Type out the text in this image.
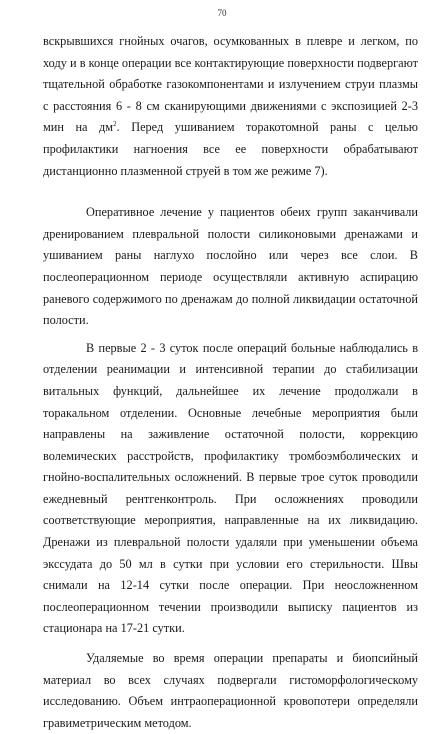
70

вскрывшихся гнойных очагов, осумкованных в плевре и легком, по ходу и в конце операции все контактирующие поверхности подвергают тщательной обработке газокомпонентами и излучением струи плазмы с расстояния 6 - 8 см сканирующими движениями с экспозицией 2-3 мин на $дм^2$. Перед ушиванием торакотомной раны с целью профилактики нагноения все ее поверхности обрабатывают дистанционно плазменной струей в том же режиме 7).

Оперативное лечение у пациентов обеих групп заканчивали дренированием плевральной полости силиконовыми дренажами и ушиванием раны наглухо послойно или через все слои. В послеоперационном периоде осуществляли активную аспирацию раневого содержимого по дренажам до полной ликвидации остаточной полости.

В первые 2 - 3 суток после операций больные наблюдались в отделении реанимации и интенсивной терапии до стабилизации витальных функций, дальнейшее их лечение продолжали в торакальном отделении. Основные лечебные мероприятия были направлены на заживление остаточной полости, коррекцию волемических расстройств, профилактику тромбоэмболических и гнойно-воспалительных осложнений. В первые трое суток проводили ежедневный рентгенконтроль. При осложнениях проводили соответствующие мероприятия, направленные на их ликвидацию. Дренажи из плевральной полости удаляли при уменьшении объема экссудата до 50 мл в сутки при условии его стерильности. Швы снимали на 12-14 сутки после операции. При неосложненном послеоперационном течении производили выписку пациентов из стационара на 17-21 сутки.

Удаляемые во время операции препараты и биопсийный материал во всех случаях подвергали гистоморфологическому исследованию. Объем интраоперационной кровопотери определяли гравиметрическим методом.
